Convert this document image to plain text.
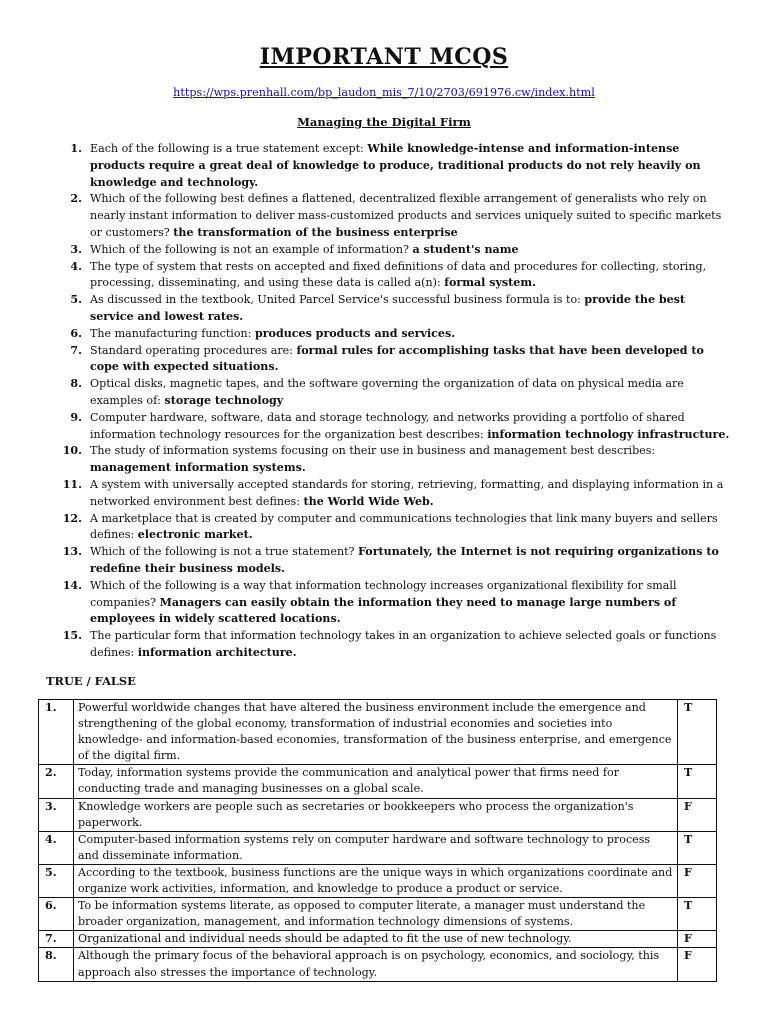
IMPORTANT MCQS
https://wps.prenhall.com/bp_laudon_mis_7/10/2703/691976.cw/index.html
Managing the Digital Firm
1. Each of the following is a true statement except: While knowledge-intense and information-intense products require a great deal of knowledge to produce, traditional products do not rely heavily on knowledge and technology.
2. Which of the following best defines a flattened, decentralized flexible arrangement of generalists who rely on nearly instant information to deliver mass-customized products and services uniquely suited to specific markets or customers? the transformation of the business enterprise
3. Which of the following is not an example of information? a student's name
4. The type of system that rests on accepted and fixed definitions of data and procedures for collecting, storing, processing, disseminating, and using these data is called a(n): formal system.
5. As discussed in the textbook, United Parcel Service's successful business formula is to: provide the best service and lowest rates.
6. The manufacturing function: produces products and services.
7. Standard operating procedures are: formal rules for accomplishing tasks that have been developed to cope with expected situations.
8. Optical disks, magnetic tapes, and the software governing the organization of data on physical media are examples of: storage technology
9. Computer hardware, software, data and storage technology, and networks providing a portfolio of shared information technology resources for the organization best describes: information technology infrastructure.
10. The study of information systems focusing on their use in business and management best describes: management information systems.
11. A system with universally accepted standards for storing, retrieving, formatting, and displaying information in a networked environment best defines: the World Wide Web.
12. A marketplace that is created by computer and communications technologies that link many buyers and sellers defines: electronic market.
13. Which of the following is not a true statement? Fortunately, the Internet is not requiring organizations to redefine their business models.
14. Which of the following is a way that information technology increases organizational flexibility for small companies? Managers can easily obtain the information they need to manage large numbers of employees in widely scattered locations.
15. The particular form that information technology takes in an organization to achieve selected goals or functions defines: information architecture.
TRUE / FALSE
1.	Powerful worldwide changes that have altered the business environment include the emergence and strengthening of the global economy, transformation of industrial economies and societies into knowledge- and information-based economies, transformation of the business enterprise, and emergence of the digital firm.	T
2.	Today, information systems provide the communication and analytical power that firms need for conducting trade and managing businesses on a global scale.	T
3.	Knowledge workers are people such as secretaries or bookkeepers who process the organization's paperwork.	F
4.	Computer-based information systems rely on computer hardware and software technology to process and disseminate information.	T
5.	According to the textbook, business functions are the unique ways in which organizations coordinate and organize work activities, information, and knowledge to produce a product or service.	F
6.	To be information systems literate, as opposed to computer literate, a manager must understand the broader organization, management, and information technology dimensions of systems.	T
7.	Organizational and individual needs should be adapted to fit the use of new technology.	F
8.	Although the primary focus of the behavioral approach is on psychology, economics, and sociology, this approach also stresses the importance of technology.	F
